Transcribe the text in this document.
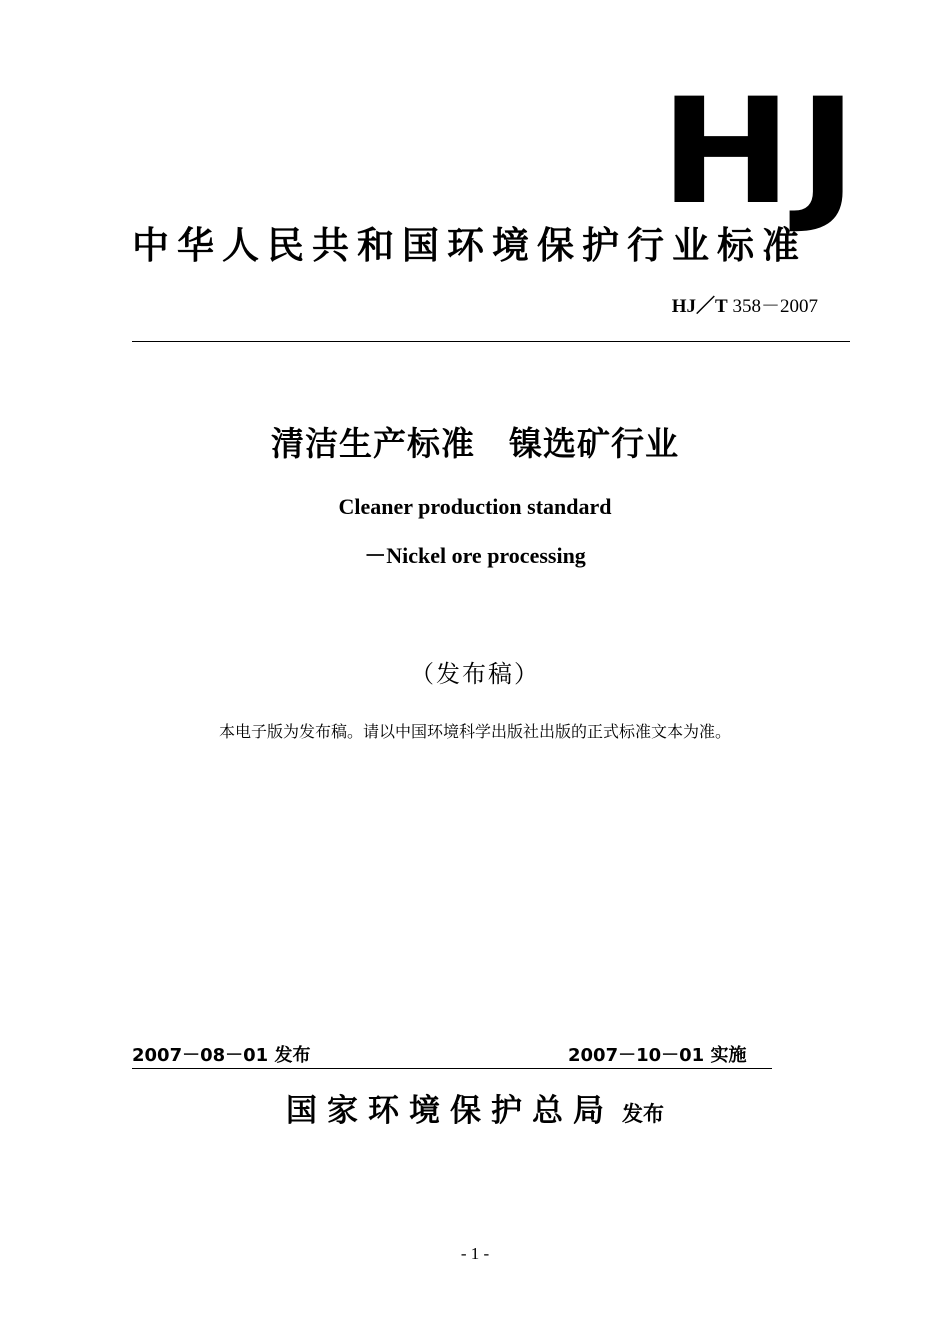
HJ
中华人民共和国环境保护行业标准
HJ／T 358－2007
清洁生产标准　镍选矿行业
Cleaner production standard
－Nickel ore processing
（发布稿）
本电子版为发布稿。请以中国环境科学出版社出版的正式标准文本为准。
2007－08－01 发布	2007－10－01 实施
国家环境保护总局 发布
- 1 -
